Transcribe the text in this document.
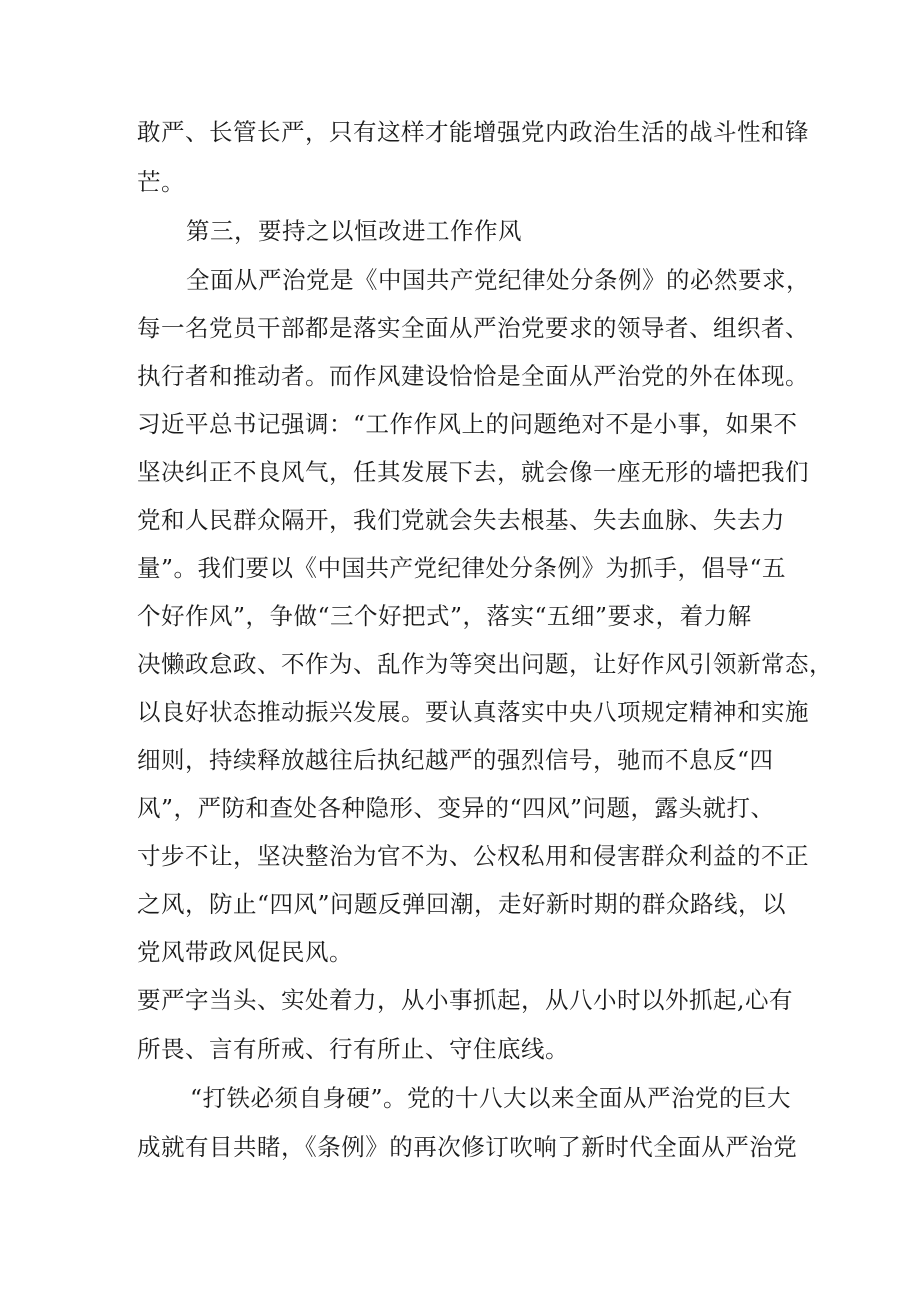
敢严、长管长严，只有这样才能增强党内政治生活的战斗性和锋
芒。
第三，要持之以恒改进工作作风
全面从严治党是《中国共产党纪律处分条例》的必然要求，
每一名党员干部都是落实全面从严治党要求的领导者、组织者、
执行者和推动者。而作风建设恰恰是全面从严治党的外在体现。
习近平总书记强调：“工作作风上的问题绝对不是小事，如果不
坚决纠正不良风气，任其发展下去，就会像一座无形的墙把我们
党和人民群众隔开，我们党就会失去根基、失去血脉、失去力
量”。我们要以《中国共产党纪律处分条例》为抓手，倡导“五
个好作风”，争做“三个好把式”，落实“五细”要求，着力解
决懒政怠政、不作为、乱作为等突出问题，让好作风引领新常态，
以良好状态推动振兴发展。要认真落实中央八项规定精神和实施
细则，持续释放越往后执纪越严的强烈信号，驰而不息反“四
风”，严防和查处各种隐形、变异的“四风”问题，露头就打、
寸步不让，坚决整治为官不为、公权私用和侵害群众利益的不正
之风，防止“四风”问题反弹回潮，走好新时期的群众路线，以
党风带政风促民风。
要严字当头、实处着力，从小事抓起，从八小时以外抓起,心有
所畏、言有所戒、行有所止、守住底线。
“打铁必须自身硬”。党的十八大以来全面从严治党的巨大
成就有目共睹，《条例》的再次修订吹响了新时代全面从严治党
